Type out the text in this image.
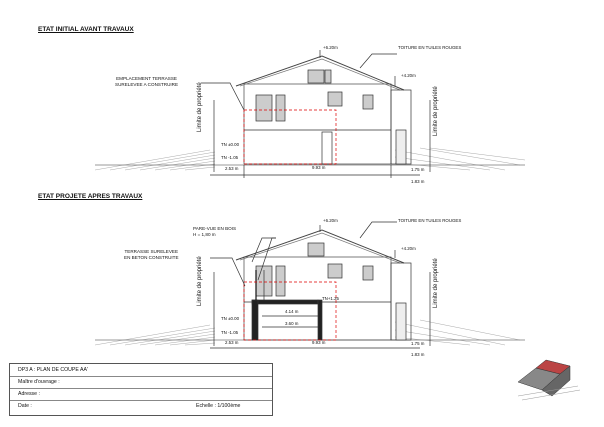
ETAT INITIAL AVANT TRAVAUX
ETAT PROJETE APRES TRAVAUX
+6.20m
+4.20m
TOITURE EN TUILES ROUGES
EMPLACEMENT TERRASSE
SURELEVEE A CONSTRUIRE
TN ±0.00
TN -1.05
2.53 m	9.93 m	1.75 m
1.83 m
Limite de propriété	Limite de propriété
+6.20m
+4.20m
TOITURE EN TUILES ROUGES
PARE-VUE EN BOIS
H = 1,80 m
TERRASSE SURELEVEE
EN BETON CONSTRUITE
TN+1.25
4.14 m
3.60 m
TN ±0.00
TN -1.05
2.53 m	9.93 m	1.75 m
1.83 m
Limite de propriété	Limite de propriété
DP3 A : PLAN DE COUPE AA'
Maître d'ouvrage :
Adresse :
Date :	Echelle : 1/100ème
